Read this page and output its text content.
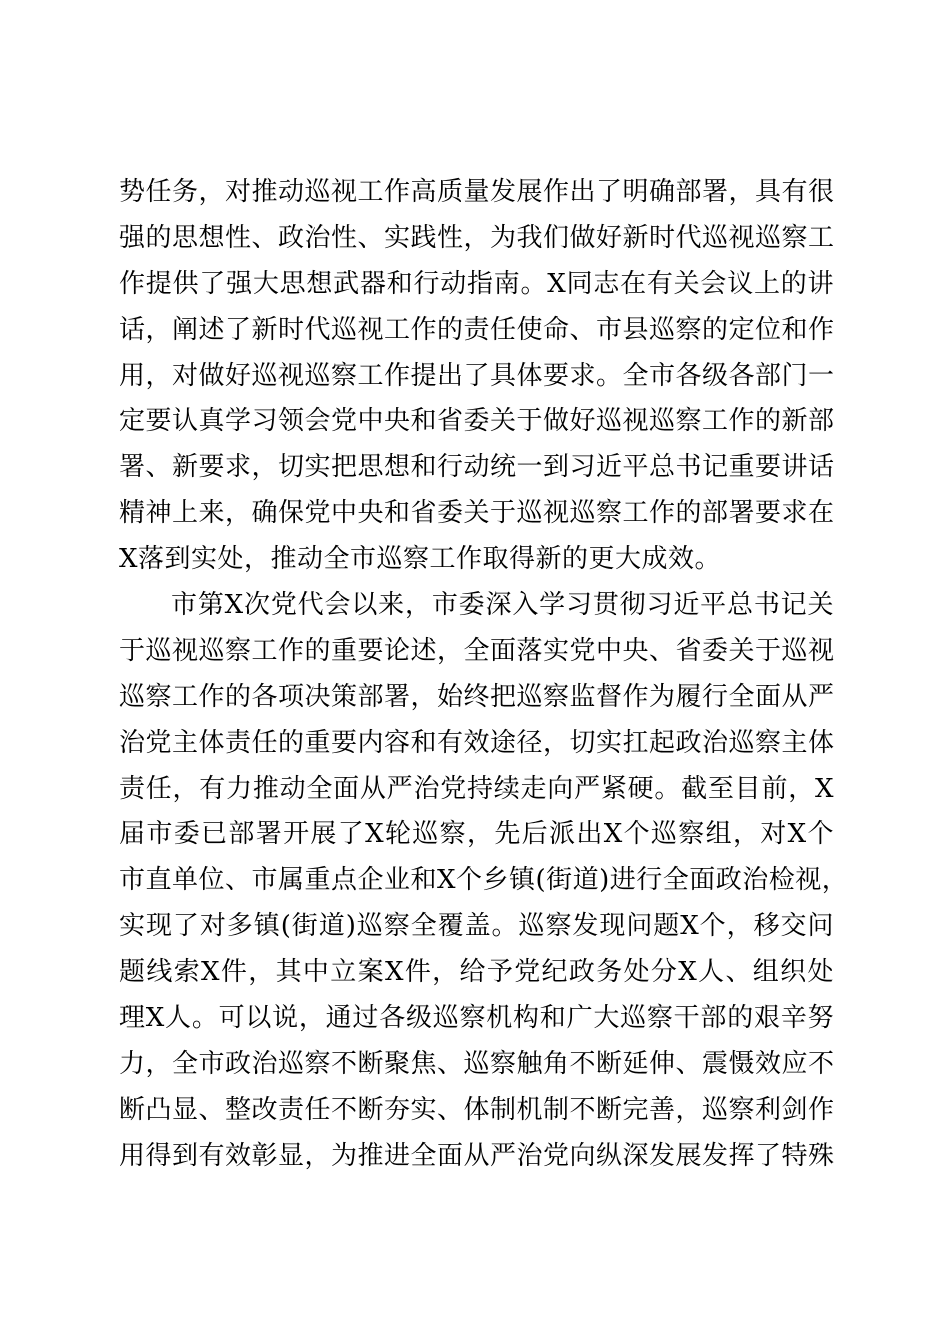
势任务，对推动巡视工作高质量发展作出了明确部署，具有很
强的思想性、政治性、实践性，为我们做好新时代巡视巡察工
作提供了强大思想武器和行动指南。X同志在有关会议上的讲
话，阐述了新时代巡视工作的责任使命、市县巡察的定位和作
用，对做好巡视巡察工作提出了具体要求。全市各级各部门一
定要认真学习领会党中央和省委关于做好巡视巡察工作的新部
署、新要求，切实把思想和行动统一到习近平总书记重要讲话
精神上来，确保党中央和省委关于巡视巡察工作的部署要求在
X落到实处，推动全市巡察工作取得新的更大成效。
市第X次党代会以来，市委深入学习贯彻习近平总书记关
于巡视巡察工作的重要论述，全面落实党中央、省委关于巡视
巡察工作的各项决策部署，始终把巡察监督作为履行全面从严
治党主体责任的重要内容和有效途径，切实扛起政治巡察主体
责任，有力推动全面从严治党持续走向严紧硬。截至目前，X
届市委已部署开展了X轮巡察，先后派出X个巡察组，对X个
市直单位、市属重点企业和X个乡镇(街道)进行全面政治检视，
实现了对多镇(街道)巡察全覆盖。巡察发现问题X个，移交问
题线索X件，其中立案X件，给予党纪政务处分X人、组织处
理X人。可以说，通过各级巡察机构和广大巡察干部的艰辛努
力，全市政治巡察不断聚焦、巡察触角不断延伸、震慑效应不
断凸显、整改责任不断夯实、体制机制不断完善，巡察利剑作
用得到有效彰显，为推进全面从严治党向纵深发展发挥了特殊
